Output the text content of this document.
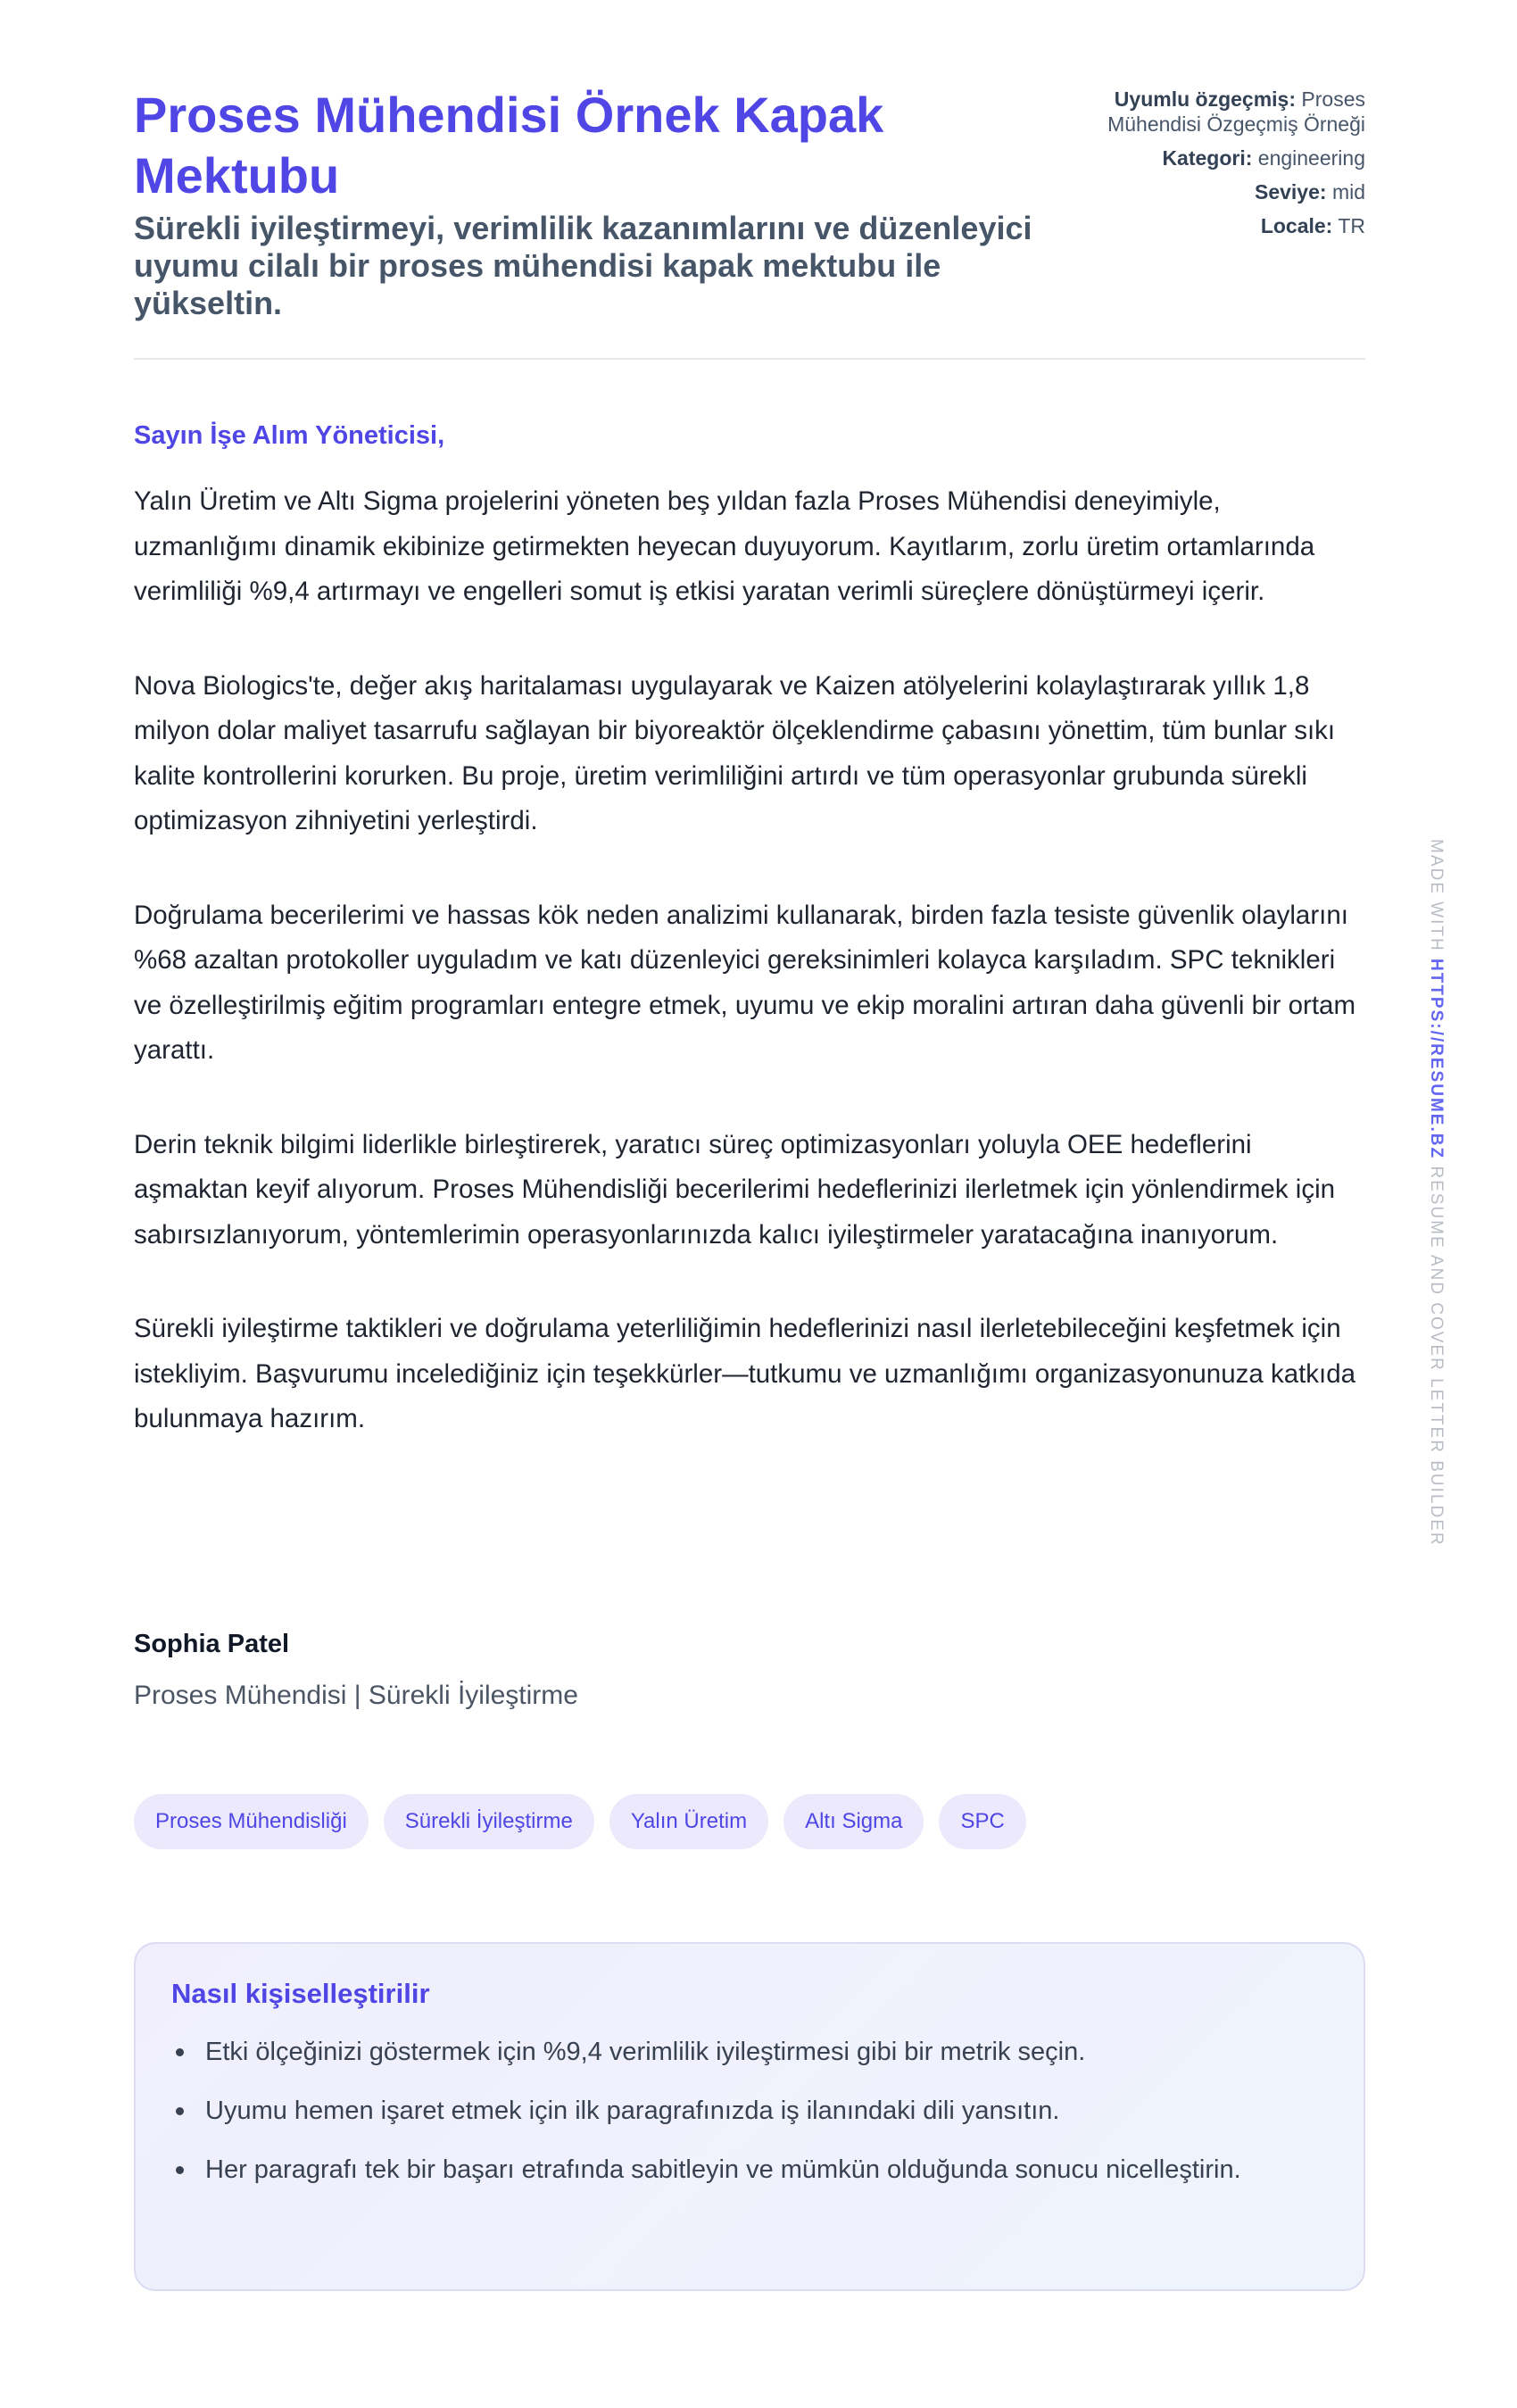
Proses Mühendisi Örnek Kapak Mektubu

Sürekli iyileştirmeyi, verimlilik kazanımlarını ve düzenleyici uyumu cilalı bir proses mühendisi kapak mektubu ile yükseltin.

Uyumlu özgeçmiş: Proses Mühendisi Özgeçmiş Örneği

Kategori: engineering

Seviye: mid

Locale: TR

Sayın İşe Alım Yöneticisi,

Yalın Üretim ve Altı Sigma projelerini yöneten beş yıldan fazla Proses Mühendisi deneyimiyle, uzmanlığımı dinamik ekibinize getirmekten heyecan duyuyorum. Kayıtlarım, zorlu üretim ortamlarında verimliliği %9,4 artırmayı ve engelleri somut iş etkisi yaratan verimli süreçlere dönüştürmeyi içerir.

Nova Biologics'te, değer akış haritalaması uygulayarak ve Kaizen atölyelerini kolaylaştırarak yıllık 1,8 milyon dolar maliyet tasarrufu sağlayan bir biyoreaktör ölçeklendirme çabasını yönettim, tüm bunlar sıkı kalite kontrollerini korurken. Bu proje, üretim verimliliğini artırdı ve tüm operasyonlar grubunda sürekli optimizasyon zihniyetini yerleştirdi.

Doğrulama becerilerimi ve hassas kök neden analizimi kullanarak, birden fazla tesiste güvenlik olaylarını %68 azaltan protokoller uyguladım ve katı düzenleyici gereksinimleri kolayca karşıladım. SPC teknikleri ve özelleştirilmiş eğitim programları entegre etmek, uyumu ve ekip moralini artıran daha güvenli bir ortam yarattı.

Derin teknik bilgimi liderlikle birleştirerek, yaratıcı süreç optimizasyonları yoluyla OEE hedeflerini aşmaktan keyif alıyorum. Proses Mühendisliği becerilerimi hedeflerinizi ilerletmek için yönlendirmek için sabırsızlanıyorum, yöntemlerimin operasyonlarınızda kalıcı iyileştirmeler yaratacağına inanıyorum.

Sürekli iyileştirme taktikleri ve doğrulama yeterliliğimin hedeflerinizi nasıl ilerletebileceğini keşfetmek için istekliyim. Başvurumu incelediğiniz için teşekkürler—tutkumu ve uzmanlığımı organizasyonunuza katkıda bulunmaya hazırım.

Sophia Patel

Proses Mühendisi | Sürekli İyileştirme

Proses Mühendisliği	Sürekli İyileştirme	Yalın Üretim	Altı Sigma	SPC
Nasıl kişiselleştirilir
Etki ölçeğinizi göstermek için %9,4 verimlilik iyileştirmesi gibi bir metrik seçin.
Uyumu hemen işaret etmek için ilk paragrafınızda iş ilanındaki dili yansıtın.
Her paragrafı tek bir başarı etrafında sabitleyin ve mümkün olduğunda sonucu nicelleştirin.
MADE WITH HTTPS://RESUME.BZ RESUME AND COVER LETTER BUILDER
